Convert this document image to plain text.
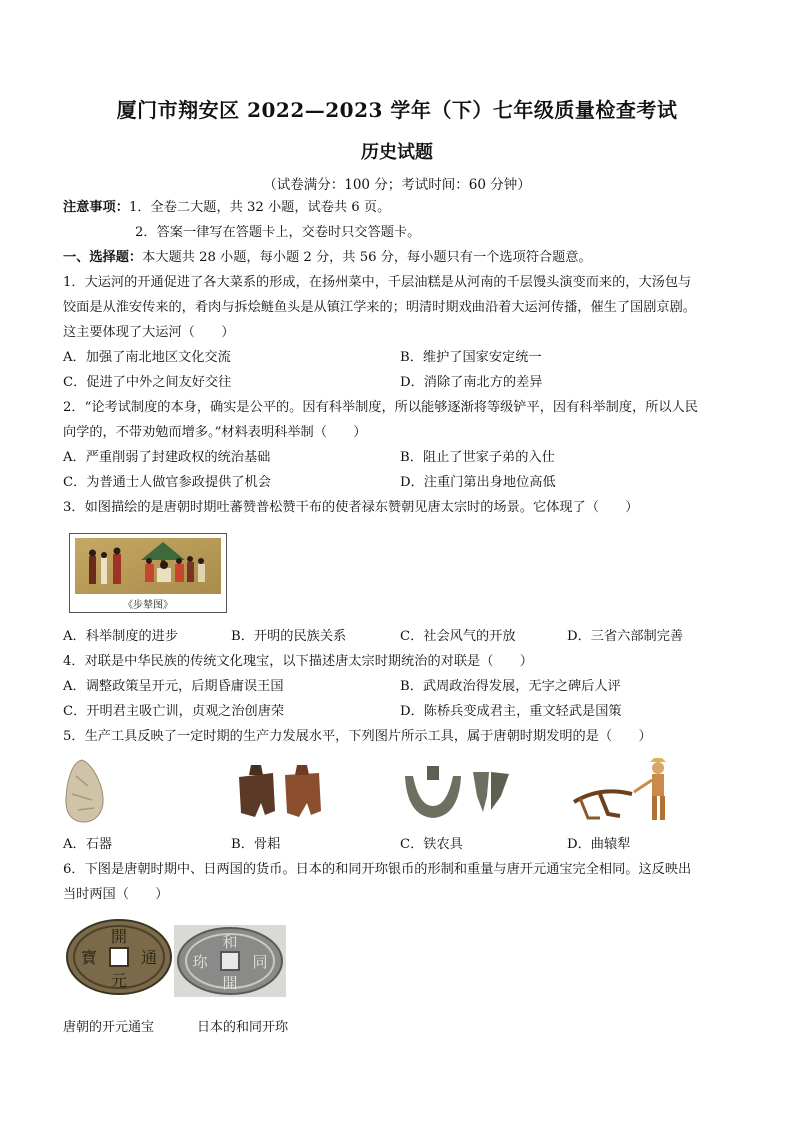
厦门市翔安区 2022—2023 学年（下）七年级质量检查考试
历史试题
（试卷满分：100 分；考试时间：60 分钟）
注意事项：1．全卷二大题，共 32 小题，试卷共 6 页。
2．答案一律写在答题卡上，交卷时只交答题卡。
一、选择题：本大题共 28 小题，每小题 2 分，共 56 分，每小题只有一个选项符合题意。
1．大运河的开通促进了各大菜系的形成，在扬州菜中，千层油糕是从河南的千层馒头演变而来的，大汤包与
饺面是从淮安传来的，肴肉与拆烩鲢鱼头是从镇江学来的；明清时期戏曲沿着大运河传播，催生了国剧京剧。
这主要体现了大运河（　　）
A．加强了南北地区文化交流	B．维护了国家安定统一
C．促进了中外之间友好交往	D．消除了南北方的差异
2．“论考试制度的本身，确实是公平的。因有科举制度，所以能够逐渐将等级铲平，因有科举制度，所以人民
向学的，不带劝勉而增多。”材料表明科举制（　　）
A．严重削弱了封建政权的统治基础	B．阻止了世家子弟的入仕
C．为普通士人做官参政提供了机会	D．注重门第出身地位高低
3．如图描绘的是唐朝时期吐蕃赞普松赞干布的使者禄东赞朝见唐太宗时的场景。它体现了（　　）
《步辇图》
A．科举制度的进步	B．开明的民族关系	C．社会风气的开放	D．三省六部制完善
4．对联是中华民族的传统文化瑰宝，以下描述唐太宗时期统治的对联是（　　）
A．调整政策呈开元，后期昏庸误王国	B．武周政治得发展，无字之碑后人评
C．开明君主吸亡训，贞观之治创唐荣	D．陈桥兵变成君主，重文轻武是国策
5．生产工具反映了一定时期的生产力发展水平，下列图片所示工具，属于唐朝时期发明的是（　　）
A．石器	B．骨耜	C．铁农具	D．曲辕犁
6．下图是唐朝时期中、日两国的货币。日本的和同开珎银币的形制和重量与唐开元通宝完全相同。这反映出
当时两国（　　）
開
元
通
寶
和
同
開
珎
唐朝的开元通宝	日本的和同开珎
